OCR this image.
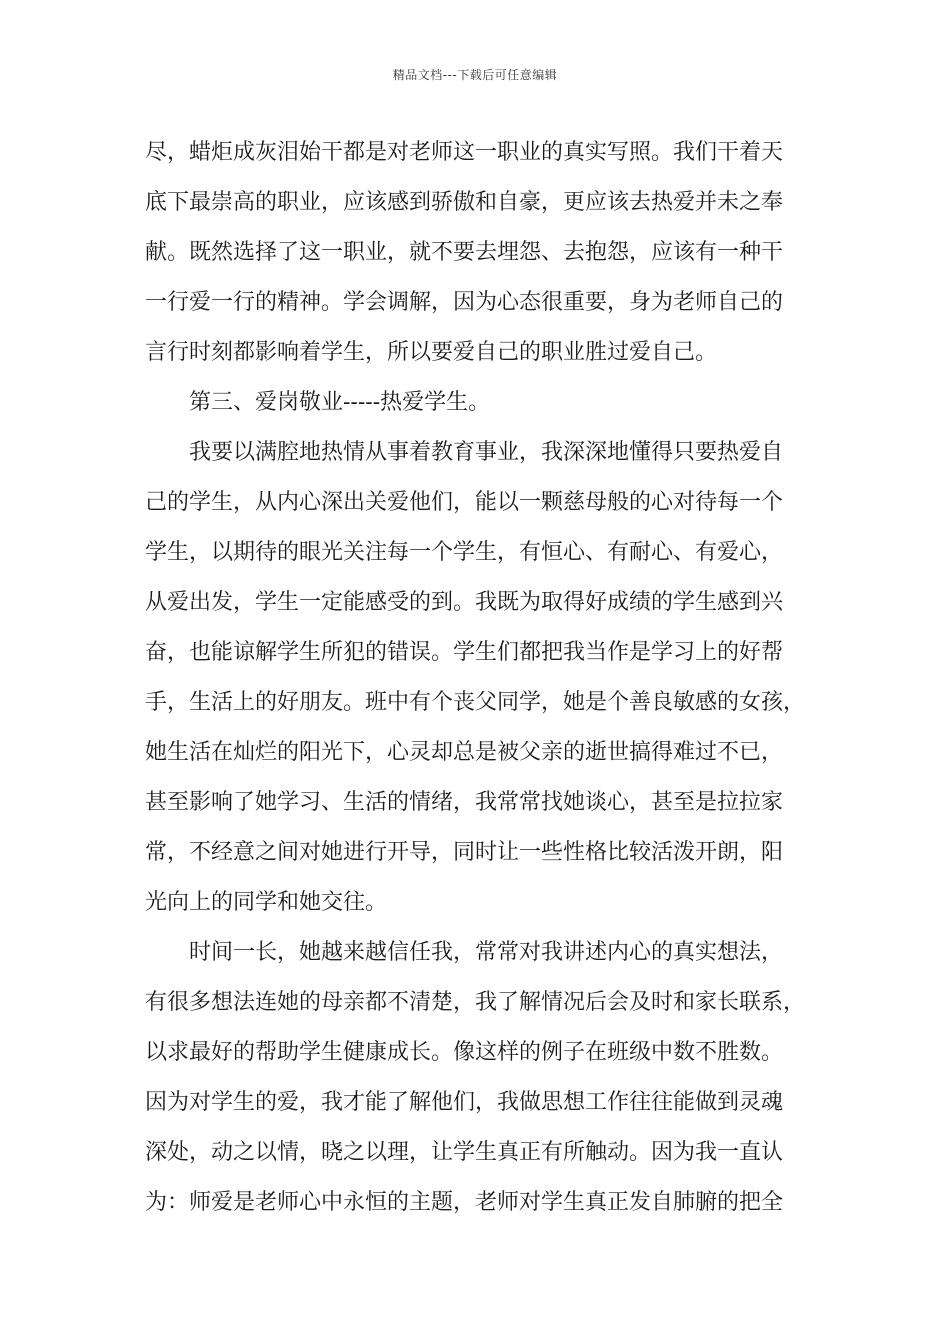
精品文档---下载后可任意编辑
尽，蜡炬成灰泪始干都是对老师这一职业的真实写照。我们干着天
底下最崇高的职业，应该感到骄傲和自豪，更应该去热爱并未之奉
献。既然选择了这一职业，就不要去埋怨、去抱怨，应该有一种干
一行爱一行的精神。学会调解，因为心态很重要，身为老师自己的
言行时刻都影响着学生，所以要爱自己的职业胜过爱自己。
第三、爱岗敬业-----热爱学生。
我要以满腔地热情从事着教育事业，我深深地懂得只要热爱自
己的学生，从内心深出关爱他们，能以一颗慈母般的心对待每一个
学生，以期待的眼光关注每一个学生，有恒心、有耐心、有爱心，
从爱出发，学生一定能感受的到。我既为取得好成绩的学生感到兴
奋，也能谅解学生所犯的错误。学生们都把我当作是学习上的好帮
手，生活上的好朋友。班中有个丧父同学，她是个善良敏感的女孩，
她生活在灿烂的阳光下，心灵却总是被父亲的逝世搞得难过不已，
甚至影响了她学习、生活的情绪，我常常找她谈心，甚至是拉拉家
常，不经意之间对她进行开导，同时让一些性格比较活泼开朗，阳
光向上的同学和她交往。
时间一长，她越来越信任我，常常对我讲述内心的真实想法，
有很多想法连她的母亲都不清楚，我了解情况后会及时和家长联系，
以求最好的帮助学生健康成长。像这样的例子在班级中数不胜数。
因为对学生的爱，我才能了解他们，我做思想工作往往能做到灵魂
深处，动之以情，晓之以理，让学生真正有所触动。因为我一直认
为：师爱是老师心中永恒的主题，老师对学生真正发自肺腑的把全
